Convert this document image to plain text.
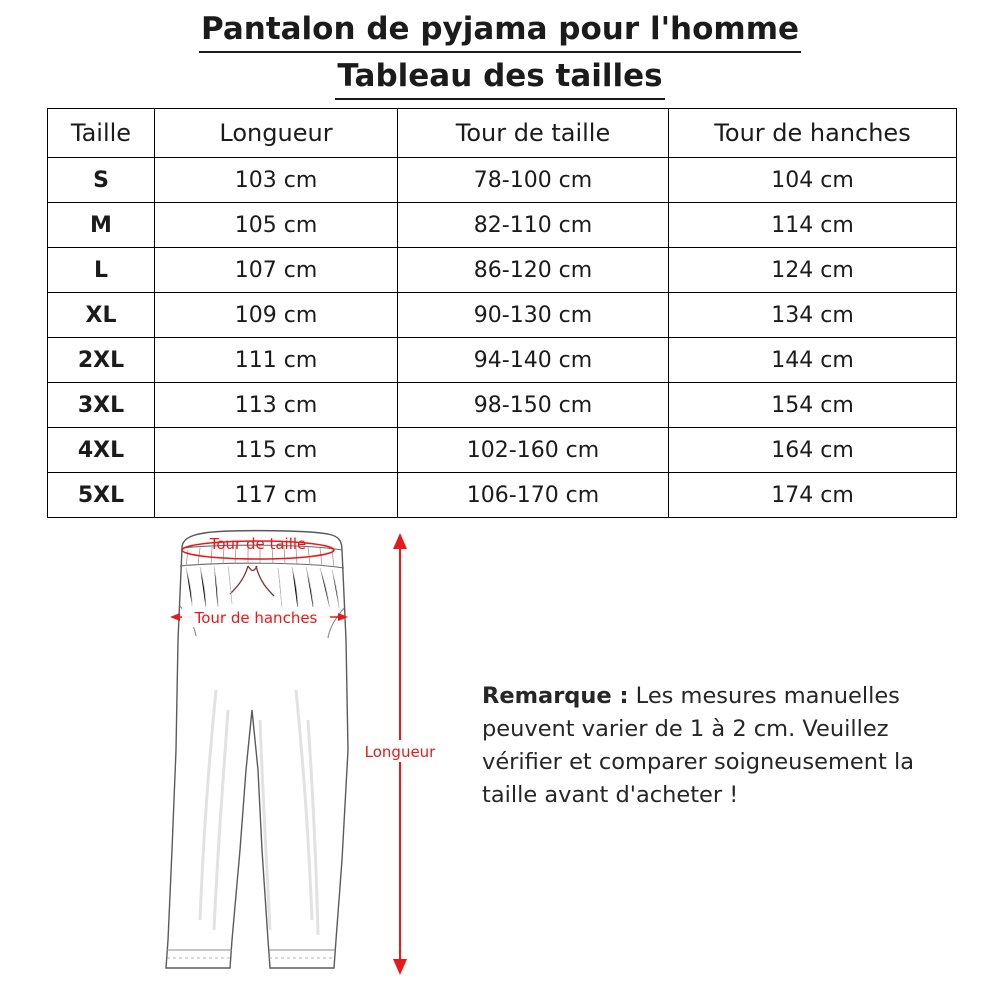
Pantalon de pyjama pour l'homme
Tableau des tailles
Taille	Longueur	Tour de taille	Tour de hanches
S	103 cm	78-100 cm	104 cm
M	105 cm	82-110 cm	114 cm
L	107 cm	86-120 cm	124 cm
XL	109 cm	90-130 cm	134 cm
2XL	111 cm	94-140 cm	144 cm
3XL	113 cm	98-150 cm	154 cm
4XL	115 cm	102-160 cm	164 cm
5XL	117 cm	106-170 cm	174 cm
Tour de taille
Tour de hanches
Longueur
Remarque : Les mesures manuelles peuvent varier de 1 à 2 cm. Veuillez vérifier et comparer soigneusement la taille avant d'acheter !
